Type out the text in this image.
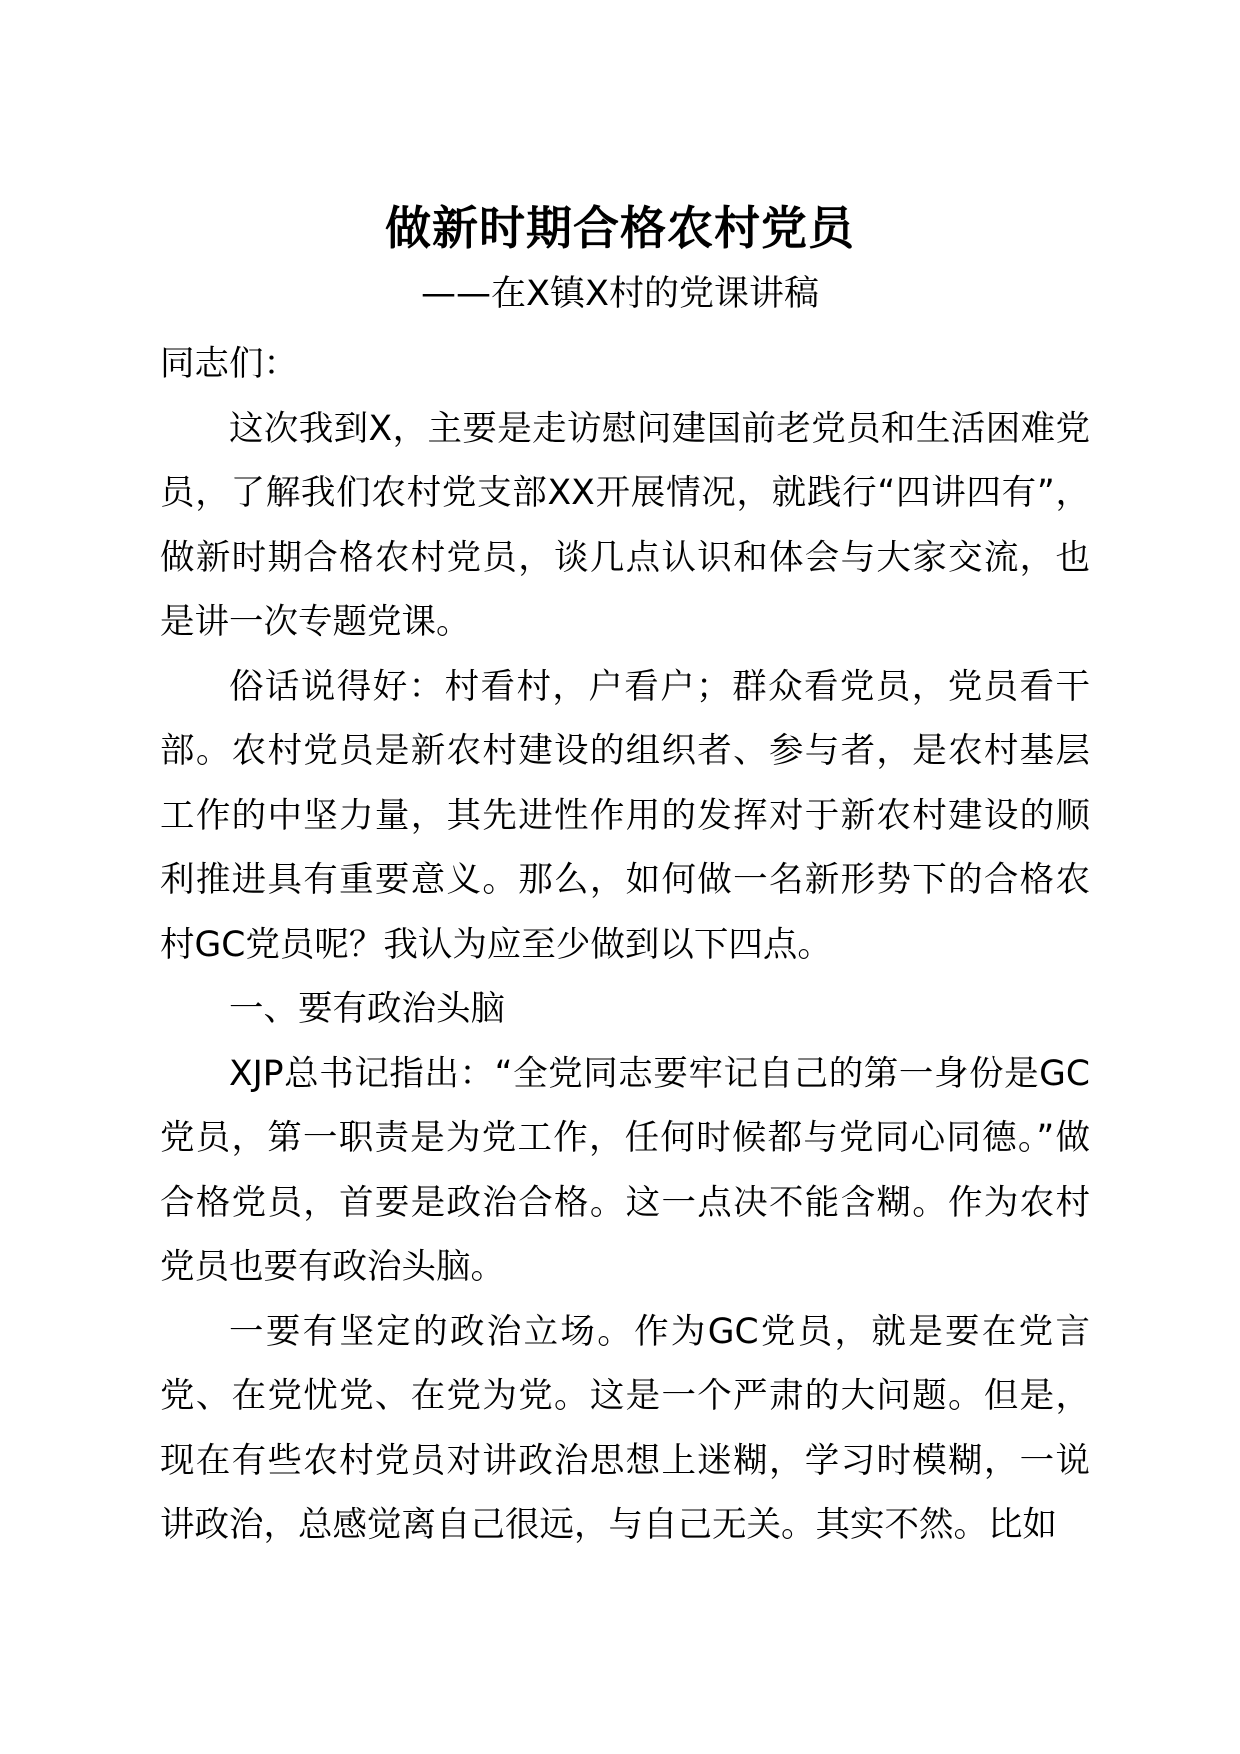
做新时期合格农村党员
——在X镇X村的党课讲稿

同志们：

这次我到X，主要是走访慰问建国前老党员和生活困难党员，了解我们农村党支部XX开展情况，就践行“四讲四有”，做新时期合格农村党员，谈几点认识和体会与大家交流，也是讲一次专题党课。

俗话说得好：村看村，户看户；群众看党员，党员看干部。农村党员是新农村建设的组织者、参与者，是农村基层工作的中坚力量，其先进性作用的发挥对于新农村建设的顺利推进具有重要意义。那么，如何做一名新形势下的合格农村GC党员呢？我认为应至少做到以下四点。

一、要有政治头脑

XJP总书记指出：“全党同志要牢记自己的第一身份是GC党员，第一职责是为党工作，任何时候都与党同心同德。”做合格党员，首要是政治合格。这一点决不能含糊。作为农村党员也要有政治头脑。

一要有坚定的政治立场。作为GC党员，就是要在党言党、在党忧党、在党为党。这是一个严肃的大问题。但是，现在有些农村党员对讲政治思想上迷糊，学习时模糊，一说讲政治，总感觉离自己很远，与自己无关。其实不然。比如
